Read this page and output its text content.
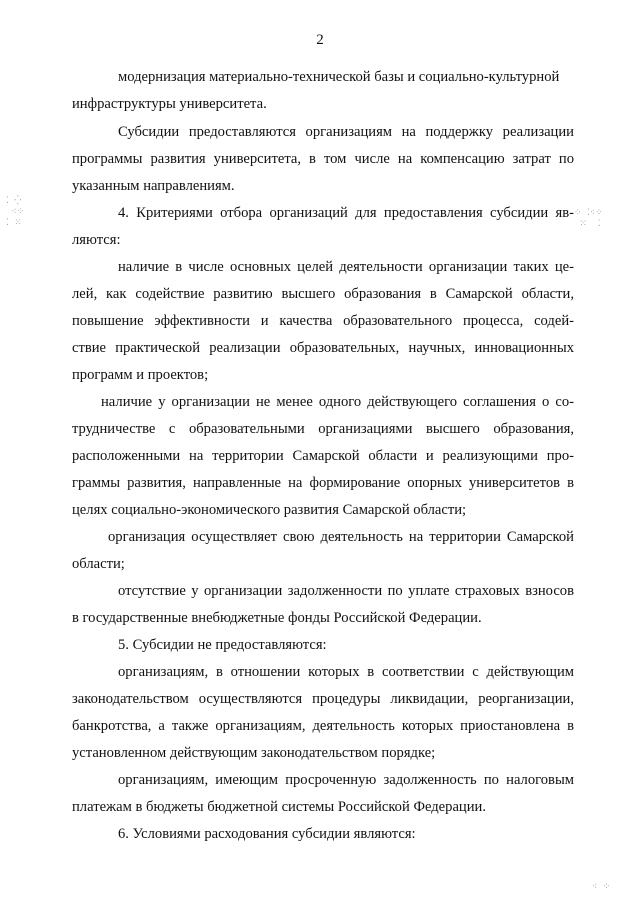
2
⁚ ⁛
⁖⁘
⁚ ⁙
⁘ ⁚⁖⁘
⁙  ⁚
⁖ ⁘
модернизация материально-технической базы и социально-культурной
инфраструктуры университета.
Субсидии предоставляются организациям на поддержку реализации
программы развития университета, в том числе на компенсацию затрат по
указанным направлениям.
4. Критериями отбора организаций для предоставления субсидии яв-
ляются:
наличие в числе основных целей деятельности организации таких це-
лей, как содействие развитию высшего образования в Самарской области,
повышение эффективности и качества образовательного процесса, содей-
ствие практической реализации образовательных, научных, инновационных
программ и проектов;
наличие у организации не менее одного действующего соглашения о со-
трудничестве с образовательными организациями высшего образования,
расположенными на территории Самарской области и реализующими про-
граммы развития, направленные на формирование опорных университетов в
целях социально-экономического развития Самарской области;
организация осуществляет свою деятельность на территории Самарской
области;
отсутствие у организации задолженности по уплате страховых взносов
в государственные внебюджетные фонды Российской Федерации.
5. Субсидии не предоставляются:
организациям, в отношении которых в соответствии с действующим
законодательством осуществляются процедуры ликвидации, реорганизации,
банкротства, а также организациям, деятельность которых приостановлена в
установленном действующим законодательством порядке;
организациям, имеющим просроченную задолженность по налоговым
платежам в бюджеты бюджетной системы Российской Федерации.
6. Условиями расходования субсидии являются:
